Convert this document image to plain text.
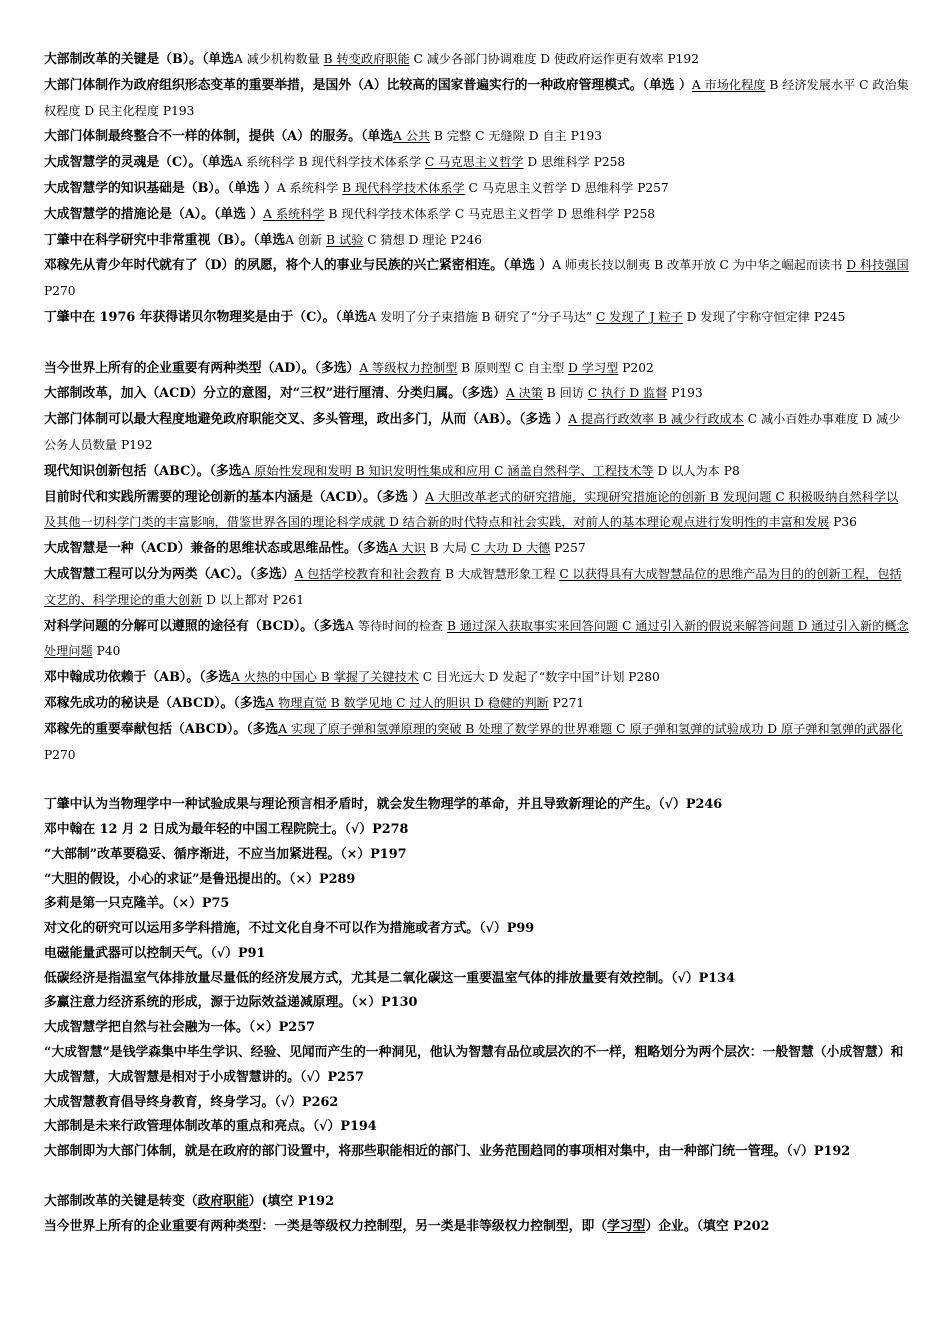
大部制改革的关键是（B）。（单选A 减少机构数量 B 转变政府职能 C 减少各部门协调难度 D 使政府运作更有效率 P192

大部门体制作为政府组织形态变革的重要举措，是国外（A）比较高的国家普遍实行的一种政府管理模式。（单选 ）A 市场化程度 B 经济发展水平 C 政治集权程度 D 民主化程度 P193

大部门体制最终整合不一样的体制，提供（A）的服务。（单选A 公共 B 完整 C 无缝隙 D 自主 P193

大成智慧学的灵魂是（C）。（单选A 系统科学 B 现代科学技术体系学 C 马克思主义哲学 D 思维科学 P258

大成智慧学的知识基础是（B）。（单选 ）A 系统科学 B 现代科学技术体系学 C 马克思主义哲学 D 思维科学 P257

大成智慧学的措施论是（A）。（单选 ）A 系统科学 B 现代科学技术体系学 C 马克思主义哲学 D 思维科学 P258

丁肇中在科学研究中非常重视（B）。（单选A 创新 B 试验 C 猜想 D 理论 P246

邓稼先从青少年时代就有了（D）的夙愿，将个人的事业与民族的兴亡紧密相连。（单选 ）A 师夷长技以制夷 B 改革开放 C 为中华之崛起而读书 D 科技强国 P270

丁肇中在 1976 年获得诺贝尔物理奖是由于（C）。（单选A 发明了分子束措施 B 研究了“分子马达” C 发现了 J 粒子 D 发现了宇称守恒定律 P245

当今世界上所有的企业重要有两种类型（AD）。（多选）A 等级权力控制型 B 原则型 C 自主型 D 学习型 P202

大部制改革，加入（ACD）分立的意图，对“三权”进行厘清、分类归属。（多选）A 决策 B 回访 C 执行 D 监督 P193

大部门体制可以最大程度地避免政府职能交叉、多头管理，政出多门，从而（AB）。（多选 ）A 提高行政效率 B 减少行政成本 C 减小百姓办事难度 D 减少公务人员数量 P192

现代知识创新包括（ABC）。（多选A 原始性发现和发明 B 知识发明性集成和应用 C 涵盖自然科学、工程技术等 D 以人为本 P8

目前时代和实践所需要的理论创新的基本内涵是（ACD）。（多选 ）A 大胆改革老式的研究措施，实现研究措施论的创新 B 发现问题 C 积极吸纳自然科学以及其他一切科学门类的丰富影响，借鉴世界各国的理论科学成就 D 结合新的时代特点和社会实践，对前人的基本理论观点进行发明性的丰富和发展 P36

大成智慧是一种（ACD）兼备的思维状态或思维品性。（多选A 大识 B 大局 C 大功 D 大德 P257

大成智慧工程可以分为两类（AC）。（多选）A 包括学校教育和社会教育 B 大成智慧形象工程 C 以获得具有大成智慧品位的思维产品为目的的创新工程，包括文艺的、科学理论的重大创新 D 以上都对 P261

对科学问题的分解可以遵照的途径有（BCD）。（多选A 等待时间的检查 B 通过深入获取事实来回答问题 C 通过引入新的假说来解答问题 D 通过引入新的概念处理问题 P40

邓中翰成功依赖于（AB）。（多选A 火热的中国心 B 掌握了关键技术 C 目光远大 D 发起了“数字中国”计划 P280

邓稼先成功的秘诀是（ABCD）。（多选A 物理直觉 B 数学见地 C 过人的胆识 D 稳健的判断 P271

邓稼先的重要奉献包括（ABCD）。（多选A 实现了原子弹和氢弹原理的突破 B 处理了数学界的世界难题 C 原子弹和氢弹的试验成功 D 原子弹和氢弹的武器化 P270

丁肇中认为当物理学中一种试验成果与理论预言相矛盾时，就会发生物理学的革命，并且导致新理论的产生。（√）P246

邓中翰在 12 月 2 日成为最年轻的中国工程院院士。（√）P278

“大部制”改革要稳妥、循序渐进，不应当加紧进程。（×）P197

“大胆的假设，小心的求证”是鲁迅提出的。（×）P289

多莉是第一只克隆羊。（×）P75

对文化的研究可以运用多学科措施，不过文化自身不可以作为措施或者方式。（√）P99

电磁能量武器可以控制天气。（√）P91

低碳经济是指温室气体排放量尽量低的经济发展方式，尤其是二氧化碳这一重要温室气体的排放量要有效控制。（√）P134

多赢注意力经济系统的形成，源于边际效益递减原理。（×）P130

大成智慧学把自然与社会融为一体。（×）P257

“大成智慧”是钱学森集中毕生学识、经验、见闻而产生的一种洞见，他认为智慧有品位或层次的不一样，粗略划分为两个层次：一般智慧（小成智慧）和大成智慧，大成智慧是相对于小成智慧讲的。（√）P257

大成智慧教育倡导终身教育，终身学习。（√）P262

大部制是未来行政管理体制改革的重点和亮点。（√）P194

大部制即为大部门体制，就是在政府的部门设置中，将那些职能相近的部门、业务范围趋同的事项相对集中，由一种部门统一管理。（√）P192

大部制改革的关键是转变（政府职能）(填空 P192

当今世界上所有的企业重要有两种类型：一类是等级权力控制型，另一类是非等级权力控制型，即（学习型）企业。（填空 P202
